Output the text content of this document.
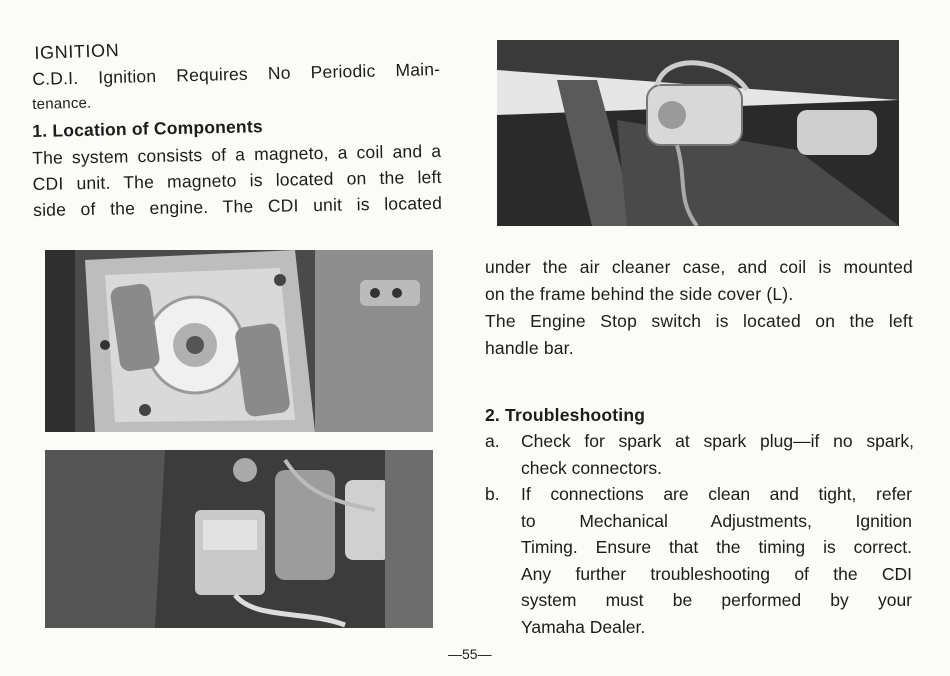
IGNITION
C.D.I. Ignition Requires No Periodic Main-
tenance.
1. Location of Components
The system consists of a magneto, a coil and a
CDI unit. The magneto is located on the left
side of the engine. The CDI unit is located
under the air cleaner case, and coil is mounted
on the frame behind the side cover (L).
The Engine Stop switch is located on the left
handle bar.
2. Troubleshooting
a. Check for spark at spark plug—if no spark,
check connectors.
b. If connections are clean and tight, refer
to Mechanical Adjustments, Ignition
Timing. Ensure that the timing is correct.
Any further troubleshooting of the CDI
system must be performed by your
Yamaha Dealer.
—55—
